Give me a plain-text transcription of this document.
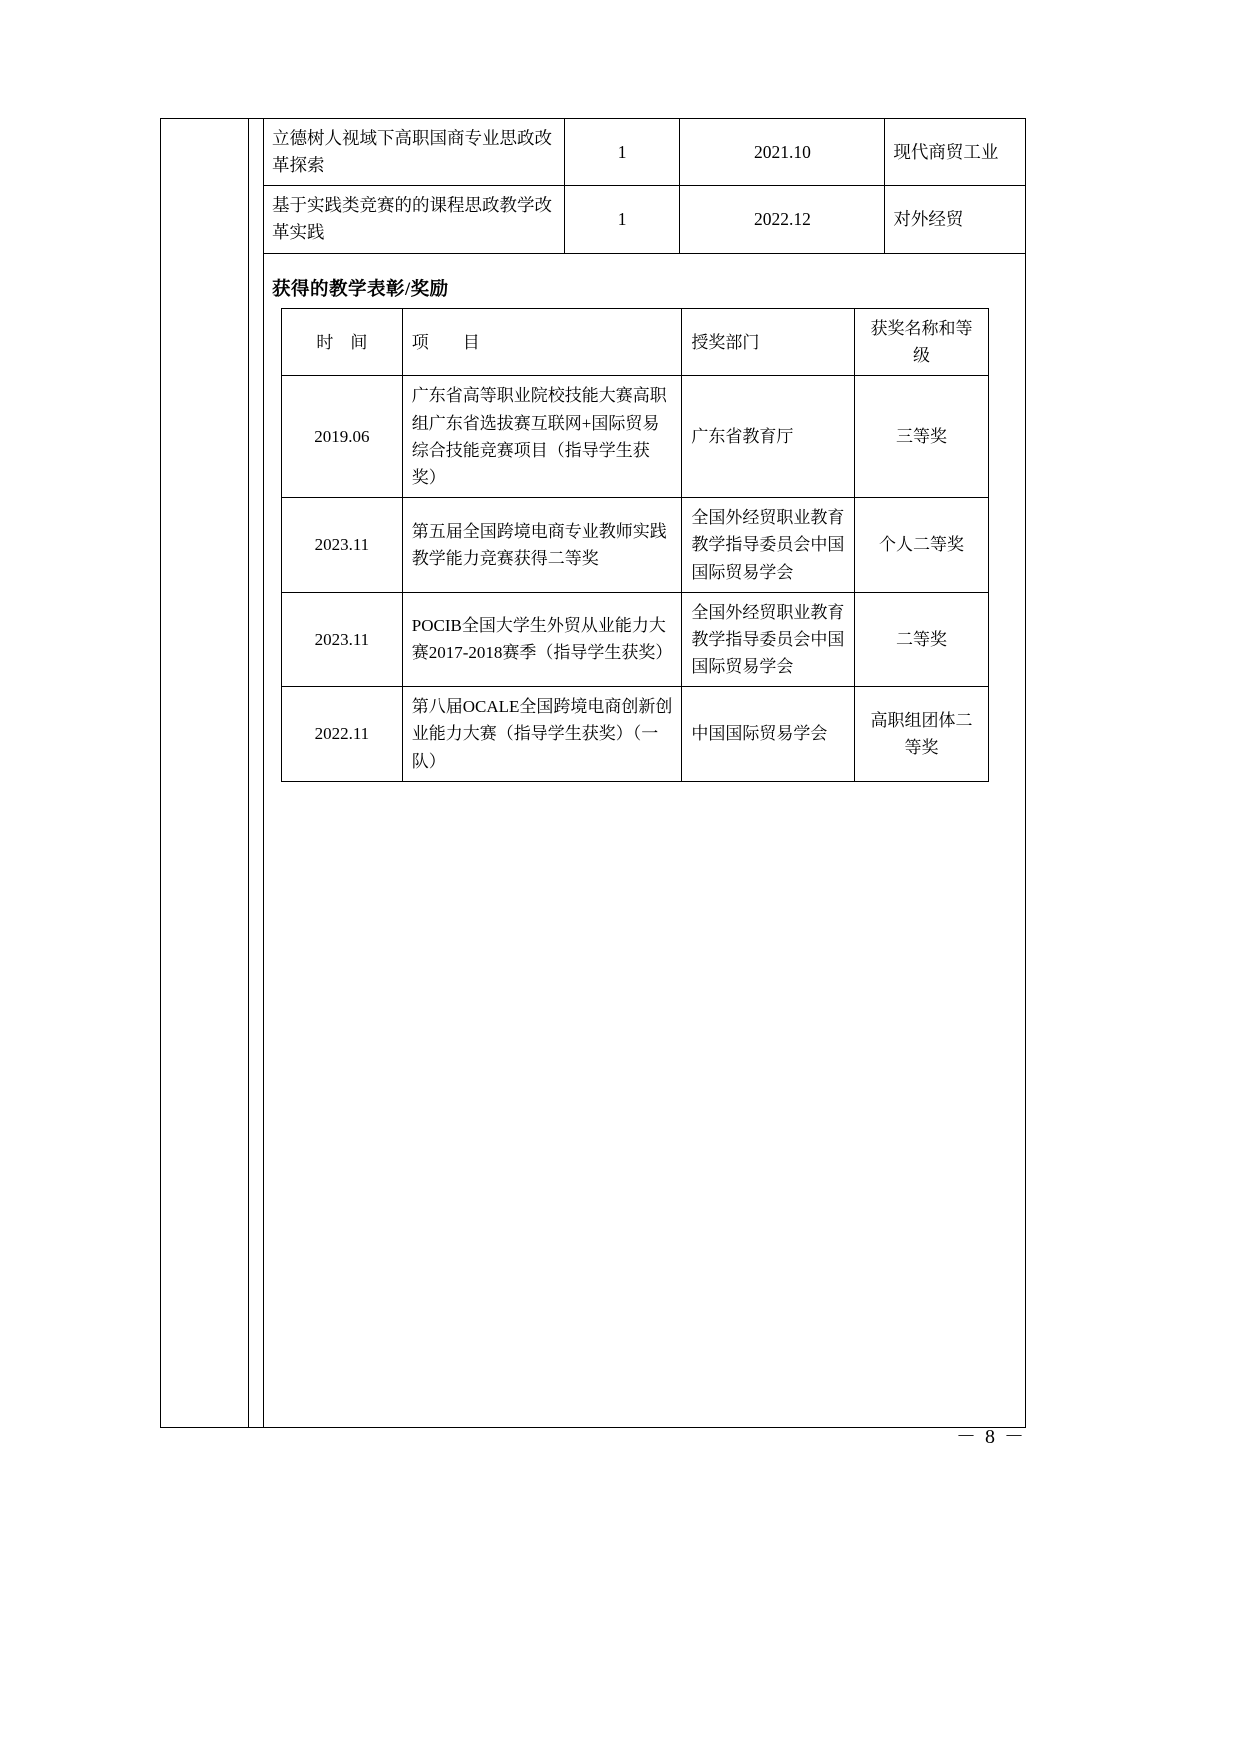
立德树人视域下高职国商专业思政改革探索	1	2021.10	现代商贸工业
基于实践类竞赛的的课程思政教学改革实践	1	2022.12	对外经贸
获得的教学表彰/奖励
时　间	项　　目	授奖部门	获奖名称和等级
2019.06	广东省高等职业院校技能大赛高职组广东省选拔赛互联网+国际贸易综合技能竞赛项目（指导学生获奖）	广东省教育厅	三等奖
2023.11	第五届全国跨境电商专业教师实践教学能力竞赛获得二等奖	全国外经贸职业教育教学指导委员会中国国际贸易学会	个人二等奖
2023.11	POCIB全国大学生外贸从业能力大赛2017-2018赛季（指导学生获奖）	全国外经贸职业教育教学指导委员会中国国际贸易学会	二等奖
2022.11	第八届OCALE全国跨境电商创新创业能力大赛（指导学生获奖）（一队）	中国国际贸易学会	高职组团体二等奖
－ 8 －
